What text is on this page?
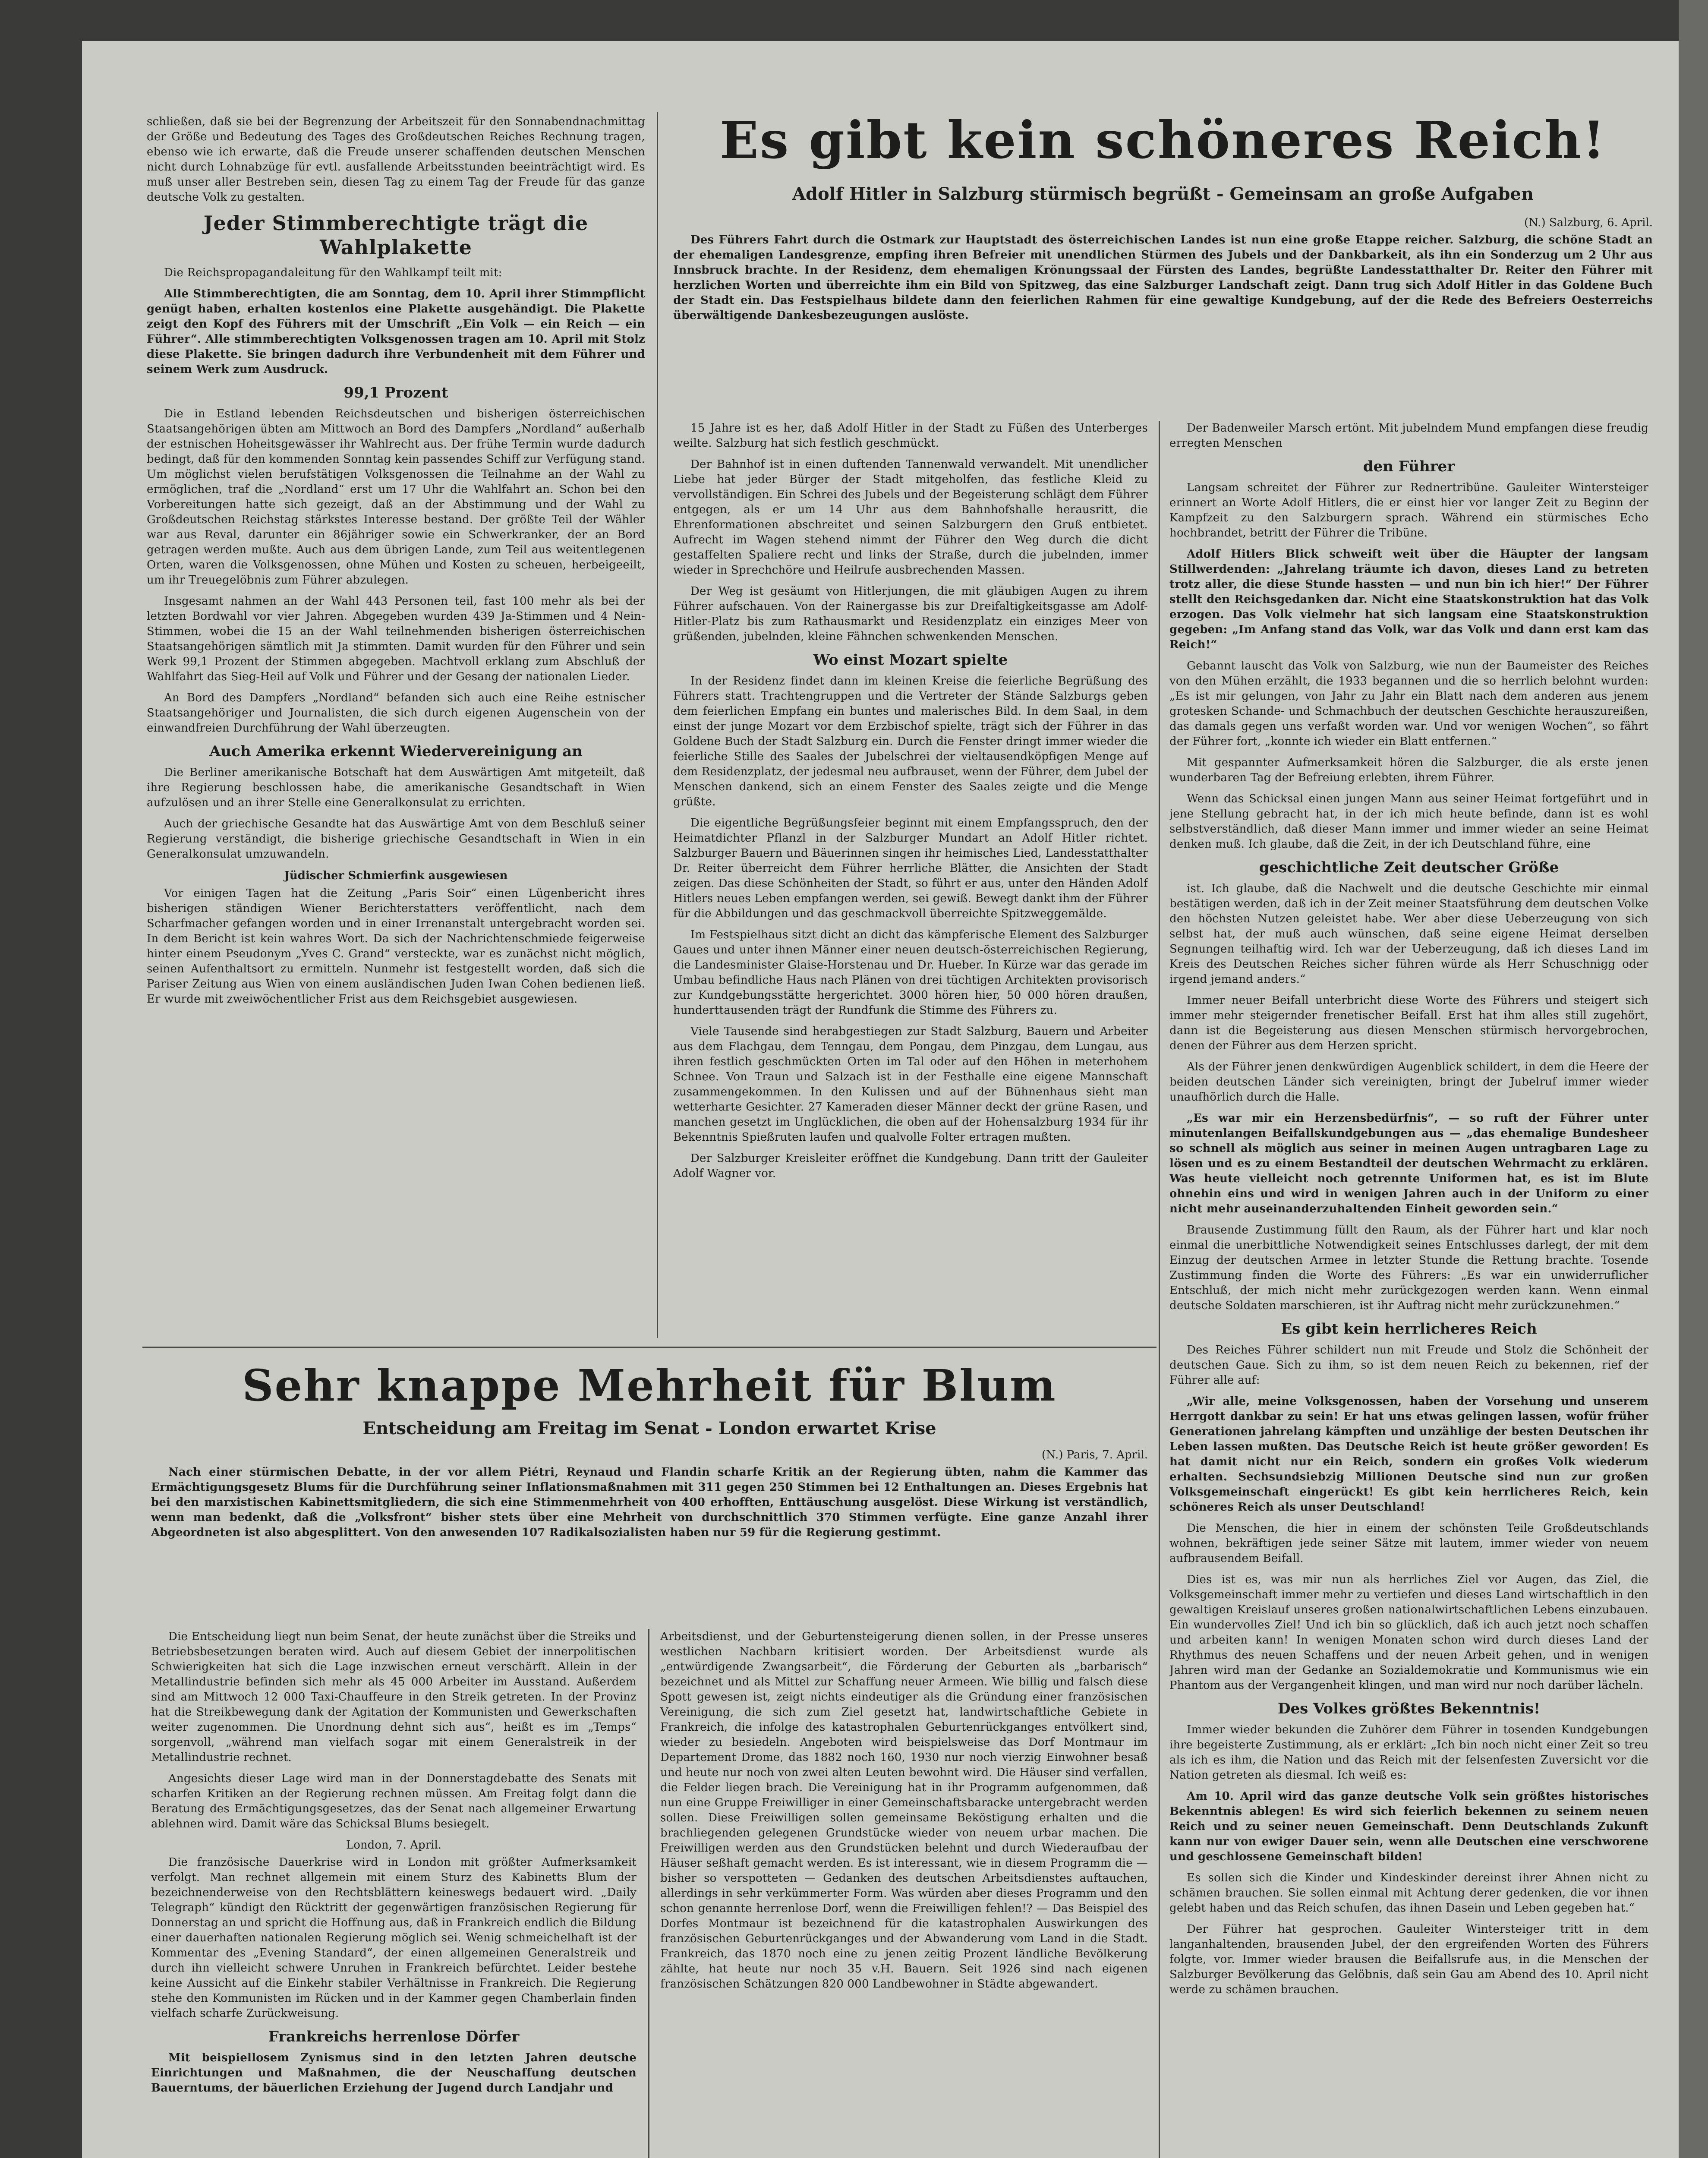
schließen, daß sie bei der Begrenzung der Arbeitszeit für den Sonnabendnachmittag der Größe und Bedeutung des Tages des Großdeutschen Reiches Rechnung tragen, ebenso wie ich erwarte, daß die Freude unserer schaffenden deutschen Menschen nicht durch Lohnabzüge für evtl. ausfallende Arbeitsstunden beeinträchtigt wird. Es muß unser aller Bestreben sein, diesen Tag zu einem Tag der Freude für das ganze deutsche Volk zu gestalten.

Jeder Stimmberechtigte trägt die Wahlplakette

Die Reichspropagandaleitung für den Wahlkampf teilt mit:

Alle Stimmberechtigten, die am Sonntag, dem 10. April ihrer Stimmpflicht genügt haben, erhalten kostenlos eine Plakette ausgehändigt. Die Plakette zeigt den Kopf des Führers mit der Umschrift „Ein Volk — ein Reich — ein Führer“. Alle stimmberechtigten Volksgenossen tragen am 10. April mit Stolz diese Plakette. Sie bringen dadurch ihre Verbundenheit mit dem Führer und seinem Werk zum Ausdruck.

99,1 Prozent

Die in Estland lebenden Reichsdeutschen und bisherigen österreichischen Staatsangehörigen übten am Mittwoch an Bord des Dampfers „Nordland“ außerhalb der estnischen Hoheitsgewässer ihr Wahlrecht aus. Der frühe Termin wurde dadurch bedingt, daß für den kommenden Sonntag kein passendes Schiff zur Verfügung stand. Um möglichst vielen berufstätigen Volksgenossen die Teilnahme an der Wahl zu ermöglichen, traf die „Nordland“ erst um 17 Uhr die Wahlfahrt an. Schon bei den Vorbereitungen hatte sich gezeigt, daß an der Abstimmung und der Wahl zu Großdeutschen Reichstag stärkstes Interesse bestand. Der größte Teil der Wähler war aus Reval, darunter ein 86jähriger sowie ein Schwerkranker, der an Bord getragen werden mußte. Auch aus dem übrigen Lande, zum Teil aus weitentlegenen Orten, waren die Volksgenossen, ohne Mühen und Kosten zu scheuen, herbeigeeilt, um ihr Treuegelöbnis zum Führer abzulegen.

Insgesamt nahmen an der Wahl 443 Personen teil, fast 100 mehr als bei der letzten Bordwahl vor vier Jahren. Abgegeben wurden 439 Ja-Stimmen und 4 Nein-Stimmen, wobei die 15 an der Wahl teilnehmenden bisherigen österreichischen Staatsangehörigen sämtlich mit Ja stimmten. Damit wurden für den Führer und sein Werk 99,1 Prozent der Stimmen abgegeben. Machtvoll erklang zum Abschluß der Wahlfahrt das Sieg-Heil auf Volk und Führer und der Gesang der nationalen Lieder.

An Bord des Dampfers „Nordland“ befanden sich auch eine Reihe estnischer Staatsangehöriger und Journalisten, die sich durch eigenen Augenschein von der einwandfreien Durchführung der Wahl überzeugten.

Auch Amerika erkennt Wiedervereinigung an

Die Berliner amerikanische Botschaft hat dem Auswärtigen Amt mitgeteilt, daß ihre Regierung beschlossen habe, die amerikanische Gesandtschaft in Wien aufzulösen und an ihrer Stelle eine Generalkonsulat zu errichten.

Auch der griechische Gesandte hat das Auswärtige Amt von dem Beschluß seiner Regierung verständigt, die bisherige griechische Gesandtschaft in Wien in ein Generalkonsulat umzuwandeln.

Jüdischer Schmierfink ausgewiesen

Vor einigen Tagen hat die Zeitung „Paris Soir“ einen Lügenbericht ihres bisherigen ständigen Wiener Berichterstatters veröffentlicht, nach dem Scharfmacher gefangen worden und in einer Irrenanstalt untergebracht worden sei. In dem Bericht ist kein wahres Wort. Da sich der Nachrichtenschmiede feigerweise hinter einem Pseudonym „Yves C. Grand“ versteckte, war es zunächst nicht möglich, seinen Aufenthaltsort zu ermitteln. Nunmehr ist festgestellt worden, daß sich die Pariser Zeitung aus Wien von einem ausländischen Juden Iwan Cohen bedienen ließ. Er wurde mit zweiwöchentlicher Frist aus dem Reichsgebiet ausgewiesen.

Es gibt kein schöneres Reich!
Adolf Hitler in Salzburg stürmisch begrüßt - Gemeinsam an große Aufgaben
(N.) Salzburg, 6. April.

Des Führers Fahrt durch die Ostmark zur Hauptstadt des österreichischen Landes ist nun eine große Etappe reicher. Salzburg, die schöne Stadt an der ehemaligen Landesgrenze, empfing ihren Befreier mit unendlichen Stürmen des Jubels und der Dankbarkeit, als ihn ein Sonderzug um 2 Uhr aus Innsbruck brachte. In der Residenz, dem ehemaligen Krönungssaal der Fürsten des Landes, begrüßte Landesstatthalter Dr. Reiter den Führer mit herzlichen Worten und überreichte ihm ein Bild von Spitzweg, das eine Salzburger Landschaft zeigt. Dann trug sich Adolf Hitler in das Goldene Buch der Stadt ein. Das Festspielhaus bildete dann den feierlichen Rahmen für eine gewaltige Kundgebung, auf der die Rede des Befreiers Oesterreichs überwältigende Dankesbezeugungen auslöste.

15 Jahre ist es her, daß Adolf Hitler in der Stadt zu Füßen des Unterberges weilte. Salzburg hat sich festlich geschmückt.

Der Bahnhof ist in einen duftenden Tannenwald verwandelt. Mit unendlicher Liebe hat jeder Bürger der Stadt mitgeholfen, das festliche Kleid zu vervollständigen. Ein Schrei des Jubels und der Begeisterung schlägt dem Führer entgegen, als er um 14 Uhr aus dem Bahnhofshalle herausritt, die Ehrenformationen abschreitet und seinen Salzburgern den Gruß entbietet. Aufrecht im Wagen stehend nimmt der Führer den Weg durch die dicht gestaffelten Spaliere recht und links der Straße, durch die jubelnden, immer wieder in Sprechchöre und Heilrufe ausbrechenden Massen.

Der Weg ist gesäumt von Hitlerjungen, die mit gläubigen Augen zu ihrem Führer aufschauen. Von der Rainergasse bis zur Dreifaltigkeitsgasse am Adolf-Hitler-Platz bis zum Rathausmarkt und Residenzplatz ein einziges Meer von grüßenden, jubelnden, kleine Fähnchen schwenkenden Menschen.

Wo einst Mozart spielte

In der Residenz findet dann im kleinen Kreise die feierliche Begrüßung des Führers statt. Trachtengruppen und die Vertreter der Stände Salzburgs geben dem feierlichen Empfang ein buntes und malerisches Bild. In dem Saal, in dem einst der junge Mozart vor dem Erzbischof spielte, trägt sich der Führer in das Goldene Buch der Stadt Salzburg ein. Durch die Fenster dringt immer wieder die feierliche Stille des Saales der Jubelschrei der vieltausendköpfigen Menge auf dem Residenzplatz, der jedesmal neu aufbrauset, wenn der Führer, dem Jubel der Menschen dankend, sich an einem Fenster des Saales zeigte und die Menge grüßte.

Die eigentliche Begrüßungsfeier beginnt mit einem Empfangsspruch, den der Heimatdichter Pflanzl in der Salzburger Mundart an Adolf Hitler richtet. Salzburger Bauern und Bäuerinnen singen ihr heimisches Lied, Landesstatthalter Dr. Reiter überreicht dem Führer herrliche Blätter, die Ansichten der Stadt zeigen. Das diese Schönheiten der Stadt, so führt er aus, unter den Händen Adolf Hitlers neues Leben empfangen werden, sei gewiß. Bewegt dankt ihm der Führer für die Abbildungen und das geschmackvoll überreichte Spitzweggemälde.

Im Festspielhaus sitzt dicht an dicht das kämpferische Element des Salzburger Gaues und unter ihnen Männer einer neuen deutsch-österreichischen Regierung, die Landesminister Glaise-Horstenau und Dr. Hueber. In Kürze war das gerade im Umbau befindliche Haus nach Plänen von drei tüchtigen Architekten provisorisch zur Kundgebungsstätte hergerichtet. 3000 hören hier, 50 000 hören draußen, hunderttausenden trägt der Rundfunk die Stimme des Führers zu.

Viele Tausende sind herabgestiegen zur Stadt Salzburg, Bauern und Arbeiter aus dem Flachgau, dem Tenngau, dem Pongau, dem Pinzgau, dem Lungau, aus ihren festlich geschmückten Orten im Tal oder auf den Höhen in meterhohem Schnee. Von Traun und Salzach ist in der Festhalle eine eigene Mannschaft zusammengekommen. In den Kulissen und auf der Bühnenhaus sieht man wetterharte Gesichter. 27 Kameraden dieser Männer deckt der grüne Rasen, und manchen gesetzt im Unglücklichen, die oben auf der Hohensalzburg 1934 für ihr Bekenntnis Spießruten laufen und qualvolle Folter ertragen mußten.

Der Salzburger Kreisleiter eröffnet die Kundgebung. Dann tritt der Gauleiter Adolf Wagner vor.

Der Badenweiler Marsch ertönt. Mit jubelndem Mund empfangen diese freudig erregten Menschen

den Führer

Langsam schreitet der Führer zur Rednertribüne. Gauleiter Wintersteiger erinnert an Worte Adolf Hitlers, die er einst hier vor langer Zeit zu Beginn der Kampfzeit zu den Salzburgern sprach. Während ein stürmisches Echo hochbrandet, betritt der Führer die Tribüne.

Adolf Hitlers Blick schweift weit über die Häupter der langsam Stillwerdenden: „Jahrelang träumte ich davon, dieses Land zu betreten trotz aller, die diese Stunde hassten — und nun bin ich hier!“ Der Führer stellt den Reichsgedanken dar. Nicht eine Staatskonstruktion hat das Volk erzogen. Das Volk vielmehr hat sich langsam eine Staatskonstruktion gegeben: „Im Anfang stand das Volk, war das Volk und dann erst kam das Reich!“

Gebannt lauscht das Volk von Salzburg, wie nun der Baumeister des Reiches von den Mühen erzählt, die 1933 begannen und die so herrlich belohnt wurden: „Es ist mir gelungen, von Jahr zu Jahr ein Blatt nach dem anderen aus jenem grotesken Schande- und Schmachbuch der deutschen Geschichte herauszureißen, das damals gegen uns verfaßt worden war. Und vor wenigen Wochen“, so fährt der Führer fort, „konnte ich wieder ein Blatt entfernen.“

Mit gespannter Aufmerksamkeit hören die Salzburger, die als erste jenen wunderbaren Tag der Befreiung erlebten, ihrem Führer.

Wenn das Schicksal einen jungen Mann aus seiner Heimat fortgeführt und in jene Stellung gebracht hat, in der ich mich heute befinde, dann ist es wohl selbstverständlich, daß dieser Mann immer und immer wieder an seine Heimat denken muß. Ich glaube, daß die Zeit, in der ich Deutschland führe, eine

geschichtliche Zeit deutscher Größe

ist. Ich glaube, daß die Nachwelt und die deutsche Geschichte mir einmal bestätigen werden, daß ich in der Zeit meiner Staatsführung dem deutschen Volke den höchsten Nutzen geleistet habe. Wer aber diese Ueberzeugung von sich selbst hat, der muß auch wünschen, daß seine eigene Heimat derselben Segnungen teilhaftig wird. Ich war der Ueberzeugung, daß ich dieses Land im Kreis des Deutschen Reiches sicher führen würde als Herr Schuschnigg oder irgend jemand anders.“

Immer neuer Beifall unterbricht diese Worte des Führers und steigert sich immer mehr steigernder frenetischer Beifall. Erst hat ihm alles still zugehört, dann ist die Begeisterung aus diesen Menschen stürmisch hervorgebrochen, denen der Führer aus dem Herzen spricht.

Als der Führer jenen denkwürdigen Augenblick schildert, in dem die Heere der beiden deutschen Länder sich vereinigten, bringt der Jubelruf immer wieder unaufhörlich durch die Halle.

„Es war mir ein Herzensbedürfnis“, — so ruft der Führer unter minutenlangen Beifallskundgebungen aus — „das ehemalige Bundesheer so schnell als möglich aus seiner in meinen Augen untragbaren Lage zu lösen und es zu einem Bestandteil der deutschen Wehrmacht zu erklären. Was heute vielleicht noch getrennte Uniformen hat, es ist im Blute ohnehin eins und wird in wenigen Jahren auch in der Uniform zu einer nicht mehr auseinanderzuhaltenden Einheit geworden sein.“

Brausende Zustimmung füllt den Raum, als der Führer hart und klar noch einmal die unerbittliche Notwendigkeit seines Entschlusses darlegt, der mit dem Einzug der deutschen Armee in letzter Stunde die Rettung brachte. Tosende Zustimmung finden die Worte des Führers: „Es war ein unwiderruflicher Entschluß, der mich nicht mehr zurückgezogen werden kann. Wenn einmal deutsche Soldaten marschieren, ist ihr Auftrag nicht mehr zurückzunehmen.“

Es gibt kein herrlicheres Reich

Des Reiches Führer schildert nun mit Freude und Stolz die Schönheit der deutschen Gaue. Sich zu ihm, so ist dem neuen Reich zu bekennen, rief der Führer alle auf:

„Wir alle, meine Volksgenossen, haben der Vorsehung und unserem Herrgott dankbar zu sein! Er hat uns etwas gelingen lassen, wofür früher Generationen jahrelang kämpften und unzählige der besten Deutschen ihr Leben lassen mußten. Das Deutsche Reich ist heute größer geworden! Es hat damit nicht nur ein Reich, sondern ein großes Volk wiederum erhalten. Sechsundsiebzig Millionen Deutsche sind nun zur großen Volksgemeinschaft eingerückt! Es gibt kein herrlicheres Reich, kein schöneres Reich als unser Deutschland!

Die Menschen, die hier in einem der schönsten Teile Großdeutschlands wohnen, bekräftigen jede seiner Sätze mit lautem, immer wieder von neuem aufbrausendem Beifall.

Dies ist es, was mir nun als herrliches Ziel vor Augen, das Ziel, die Volksgemeinschaft immer mehr zu vertiefen und dieses Land wirtschaftlich in den gewaltigen Kreislauf unseres großen nationalwirtschaftlichen Lebens einzubauen. Ein wundervolles Ziel! Und ich bin so glücklich, daß ich auch jetzt noch schaffen und arbeiten kann! In wenigen Monaten schon wird durch dieses Land der Rhythmus des neuen Schaffens und der neuen Arbeit gehen, und in wenigen Jahren wird man der Gedanke an Sozialdemokratie und Kommunismus wie ein Phantom aus der Vergangenheit klingen, und man wird nur noch darüber lächeln.

Des Volkes größtes Bekenntnis!

Immer wieder bekunden die Zuhörer dem Führer in tosenden Kundgebungen ihre begeisterte Zustimmung, als er erklärt: „Ich bin noch nicht einer Zeit so treu als ich es ihm, die Nation und das Reich mit der felsenfesten Zuversicht vor die Nation getreten als diesmal. Ich weiß es:

Am 10. April wird das ganze deutsche Volk sein größtes historisches Bekenntnis ablegen! Es wird sich feierlich bekennen zu seinem neuen Reich und zu seiner neuen Gemeinschaft. Denn Deutschlands Zukunft kann nur von ewiger Dauer sein, wenn alle Deutschen eine verschworene und geschlossene Gemeinschaft bilden!

Es sollen sich die Kinder und Kindeskinder dereinst ihrer Ahnen nicht zu schämen brauchen. Sie sollen einmal mit Achtung derer gedenken, die vor ihnen gelebt haben und das Reich schufen, das ihnen Dasein und Leben gegeben hat.“

Der Führer hat gesprochen. Gauleiter Wintersteiger tritt in dem langanhaltenden, brausenden Jubel, der den ergreifenden Worten des Führers folgte, vor. Immer wieder brausen die Beifallsrufe aus, in die Menschen der Salzburger Bevölkerung das Gelöbnis, daß sein Gau am Abend des 10. April nicht werde zu schämen brauchen.

Sehr knappe Mehrheit für Blum
Entscheidung am Freitag im Senat - London erwartet Krise
(N.) Paris, 7. April.

Nach einer stürmischen Debatte, in der vor allem Piétri, Reynaud und Flandin scharfe Kritik an der Regierung übten, nahm die Kammer das Ermächtigungsgesetz Blums für die Durchführung seiner Inflationsmaßnahmen mit 311 gegen 250 Stimmen bei 12 Enthaltungen an. Dieses Ergebnis hat bei den marxistischen Kabinettsmitgliedern, die sich eine Stimmenmehrheit von 400 erhofften, Enttäuschung ausgelöst. Diese Wirkung ist verständlich, wenn man bedenkt, daß die „Volksfront“ bisher stets über eine Mehrheit von durchschnittlich 370 Stimmen verfügte. Eine ganze Anzahl ihrer Abgeordneten ist also abgesplittert. Von den anwesenden 107 Radikalsozialisten haben nur 59 für die Regierung gestimmt.

Die Entscheidung liegt nun beim Senat, der heute zunächst über die Streiks und Betriebsbesetzungen beraten wird. Auch auf diesem Gebiet der innerpolitischen Schwierigkeiten hat sich die Lage inzwischen erneut verschärft. Allein in der Metallindustrie befinden sich mehr als 45 000 Arbeiter im Ausstand. Außerdem sind am Mittwoch 12 000 Taxi-Chauffeure in den Streik getreten. In der Provinz hat die Streikbewegung dank der Agitation der Kommunisten und Gewerkschaften weiter zugenommen. Die Unordnung dehnt sich aus“, heißt es im „Temps“ sorgenvoll, „während man vielfach sogar mit einem Generalstreik in der Metallindustrie rechnet.

Angesichts dieser Lage wird man in der Donnerstagdebatte des Senats mit scharfen Kritiken an der Regierung rechnen müssen. Am Freitag folgt dann die Beratung des Ermächtigungsgesetzes, das der Senat nach allgemeiner Erwartung ablehnen wird. Damit wäre das Schicksal Blums besiegelt.

London, 7. April.

Die französische Dauerkrise wird in London mit größter Aufmerksamkeit verfolgt. Man rechnet allgemein mit einem Sturz des Kabinetts Blum der bezeichnenderweise von den Rechtsblättern keineswegs bedauert wird. „Daily Telegraph“ kündigt den Rücktritt der gegenwärtigen französischen Regierung für Donnerstag an und spricht die Hoffnung aus, daß in Frankreich endlich die Bildung einer dauerhaften nationalen Regierung möglich sei. Wenig schmeichelhaft ist der Kommentar des „Evening Standard“, der einen allgemeinen Generalstreik und durch ihn vielleicht schwere Unruhen in Frankreich befürchtet. Leider bestehe keine Aussicht auf die Einkehr stabiler Verhältnisse in Frankreich. Die Regierung stehe den Kommunisten im Rücken und in der Kammer gegen Chamberlain finden vielfach scharfe Zurückweisung.

Frankreichs herrenlose Dörfer

Mit beispiellosem Zynismus sind in den letzten Jahren deutsche Einrichtungen und Maßnahmen, die der Neuschaffung deutschen Bauerntums, der bäuerlichen Erziehung der Jugend durch Landjahr und

Arbeitsdienst, und der Geburtensteigerung dienen sollen, in der Presse unseres westlichen Nachbarn kritisiert worden. Der Arbeitsdienst wurde als „entwürdigende Zwangsarbeit“, die Förderung der Geburten als „barbarisch“ bezeichnet und als Mittel zur Schaffung neuer Armeen. Wie billig und falsch diese Spott gewesen ist, zeigt nichts eindeutiger als die Gründung einer französischen Vereinigung, die sich zum Ziel gesetzt hat, landwirtschaftliche Gebiete in Frankreich, die infolge des katastrophalen Geburtenrückganges entvölkert sind, wieder zu besiedeln. Angeboten wird beispielsweise das Dorf Montmaur im Departement Drome, das 1882 noch 160, 1930 nur noch vierzig Einwohner besaß und heute nur noch von zwei alten Leuten bewohnt wird. Die Häuser sind verfallen, die Felder liegen brach. Die Vereinigung hat in ihr Programm aufgenommen, daß nun eine Gruppe Freiwilliger in einer Gemeinschaftsbaracke untergebracht werden sollen. Diese Freiwilligen sollen gemeinsame Beköstigung erhalten und die brachliegenden gelegenen Grundstücke wieder von neuem urbar machen. Die Freiwilligen werden aus den Grundstücken belehnt und durch Wiederaufbau der Häuser seßhaft gemacht werden. Es ist interessant, wie in diesem Programm die — bisher so verspotteten — Gedanken des deutschen Arbeitsdienstes auftauchen, allerdings in sehr verkümmerter Form. Was würden aber dieses Programm und den schon genannte herrenlose Dorf, wenn die Freiwilligen fehlen!? — Das Beispiel des Dorfes Montmaur ist bezeichnend für die katastrophalen Auswirkungen des französischen Geburtenrückganges und der Abwanderung vom Land in die Stadt. Frankreich, das 1870 noch eine zu jenen zeitig Prozent ländliche Bevölkerung zählte, hat heute nur noch 35 v.H. Bauern. Seit 1926 sind nach eigenen französischen Schätzungen 820 000 Landbewohner in Städte abgewandert.
